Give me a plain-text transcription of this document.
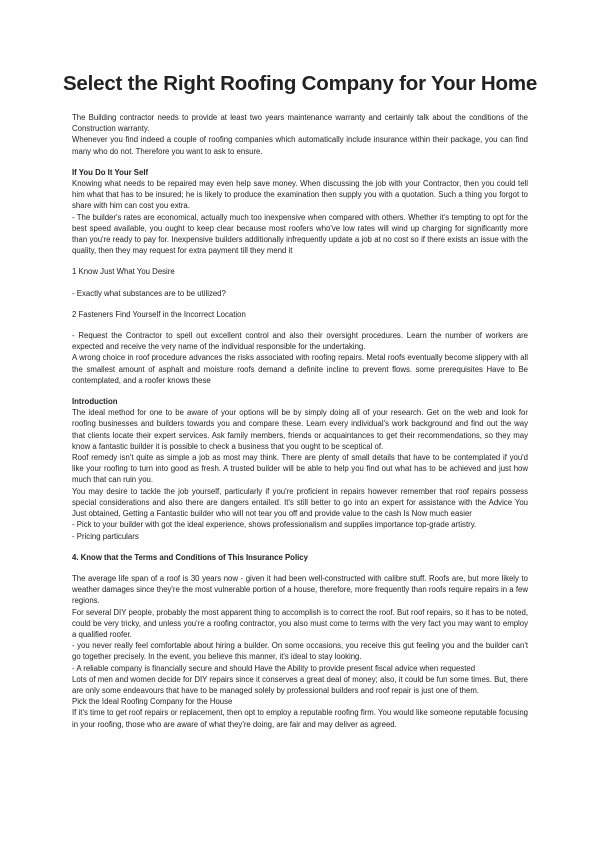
Select the Right Roofing Company for Your Home

The Building contractor needs to provide at least two years maintenance warranty and certainly talk about the conditions of the Construction warranty.

Whenever you find indeed a couple of roofing companies which automatically include insurance within their package, you can find many who do not. Therefore you want to ask to ensure.

If You Do It Your Self

Knowing what needs to be repaired may even help save money. When discussing the job with your Contractor, then you could tell him what that has to be insured; he is likely to produce the examination then supply you with a quotation. Such a thing you forgot to share with him can cost you extra.

- The builder's rates are economical, actually much too inexpensive when compared with others. Whether it's tempting to opt for the best speed available, you ought to keep clear because most roofers who've low rates will wind up charging for significantly more than you're ready to pay for. Inexpensive builders additionally infrequently update a job at no cost so if there exists an issue with the quality, then they may request for extra payment till they mend it

1 Know Just What You Desire

- Exactly what substances are to be utilized?

2 Fasteners Find Yourself in the Incorrect Location

- Request the Contractor to spell out excellent control and also their oversight procedures. Learn the number of workers are expected and receive the very name of the individual responsible for the undertaking.

A wrong choice in roof procedure advances the risks associated with roofing repairs. Metal roofs eventually become slippery with all the smallest amount of asphalt and moisture roofs demand a definite incline to prevent flows. some prerequisites Have to Be contemplated, and a roofer knows these

Introduction

The ideal method for one to be aware of your options will be by simply doing all of your research. Get on the web and look for roofing businesses and builders towards you and compare these. Learn every individual's work background and find out the way that clients locate their expert services. Ask family members, friends or acquaintances to get their recommendations, so they may know a fantastic builder it is possible to check a business that you ought to be sceptical of.

Roof remedy isn't quite as simple a job as most may think. There are plenty of small details that have to be contemplated if you'd like your roofing to turn into good as fresh. A trusted builder will be able to help you find out what has to be achieved and just how much that can ruin you.

You may desire to tackle the job yourself, particularly if you're proficient in repairs however remember that roof repairs possess special considerations and also there are dangers entailed. It's still better to go into an expert for assistance with the Advice You Just obtained, Getting a Fantastic builder who will not tear you off and provide value to the cash Is Now much easier

- Pick to your builder with got the ideal experience, shows professionalism and supplies importance top-grade artistry.

- Pricing particulars

4. Know that the Terms and Conditions of This Insurance Policy

The average life span of a roof is 30 years now - given it had been well-constructed with calibre stuff. Roofs are, but more likely to weather damages since they're the most vulnerable portion of a house, therefore, more frequently than roofs require repairs in a few regions.

For several DIY people, probably the most apparent thing to accomplish is to correct the roof. But roof repairs, so it has to be noted, could be very tricky, and unless you're a roofing contractor, you also must come to terms with the very fact you may want to employ a qualified roofer.

- you never really feel comfortable about hiring a builder. On some occasions, you receive this gut feeling you and the builder can't go together precisely. In the event, you believe this manner, it's ideal to stay looking.

- A reliable company is financially secure and should Have the Ability to provide present fiscal advice when requested

Lots of men and women decide for DIY repairs since it conserves a great deal of money; also, it could be fun some times. But, there are only some endeavours that have to be managed solely by professional builders and roof repair is just one of them.

Pick the Ideal Roofing Company for the House

If it's time to get roof repairs or replacement, then opt to employ a reputable roofing firm. You would like someone reputable focusing in your roofing, those who are aware of what they're doing, are fair and may deliver as agreed.
